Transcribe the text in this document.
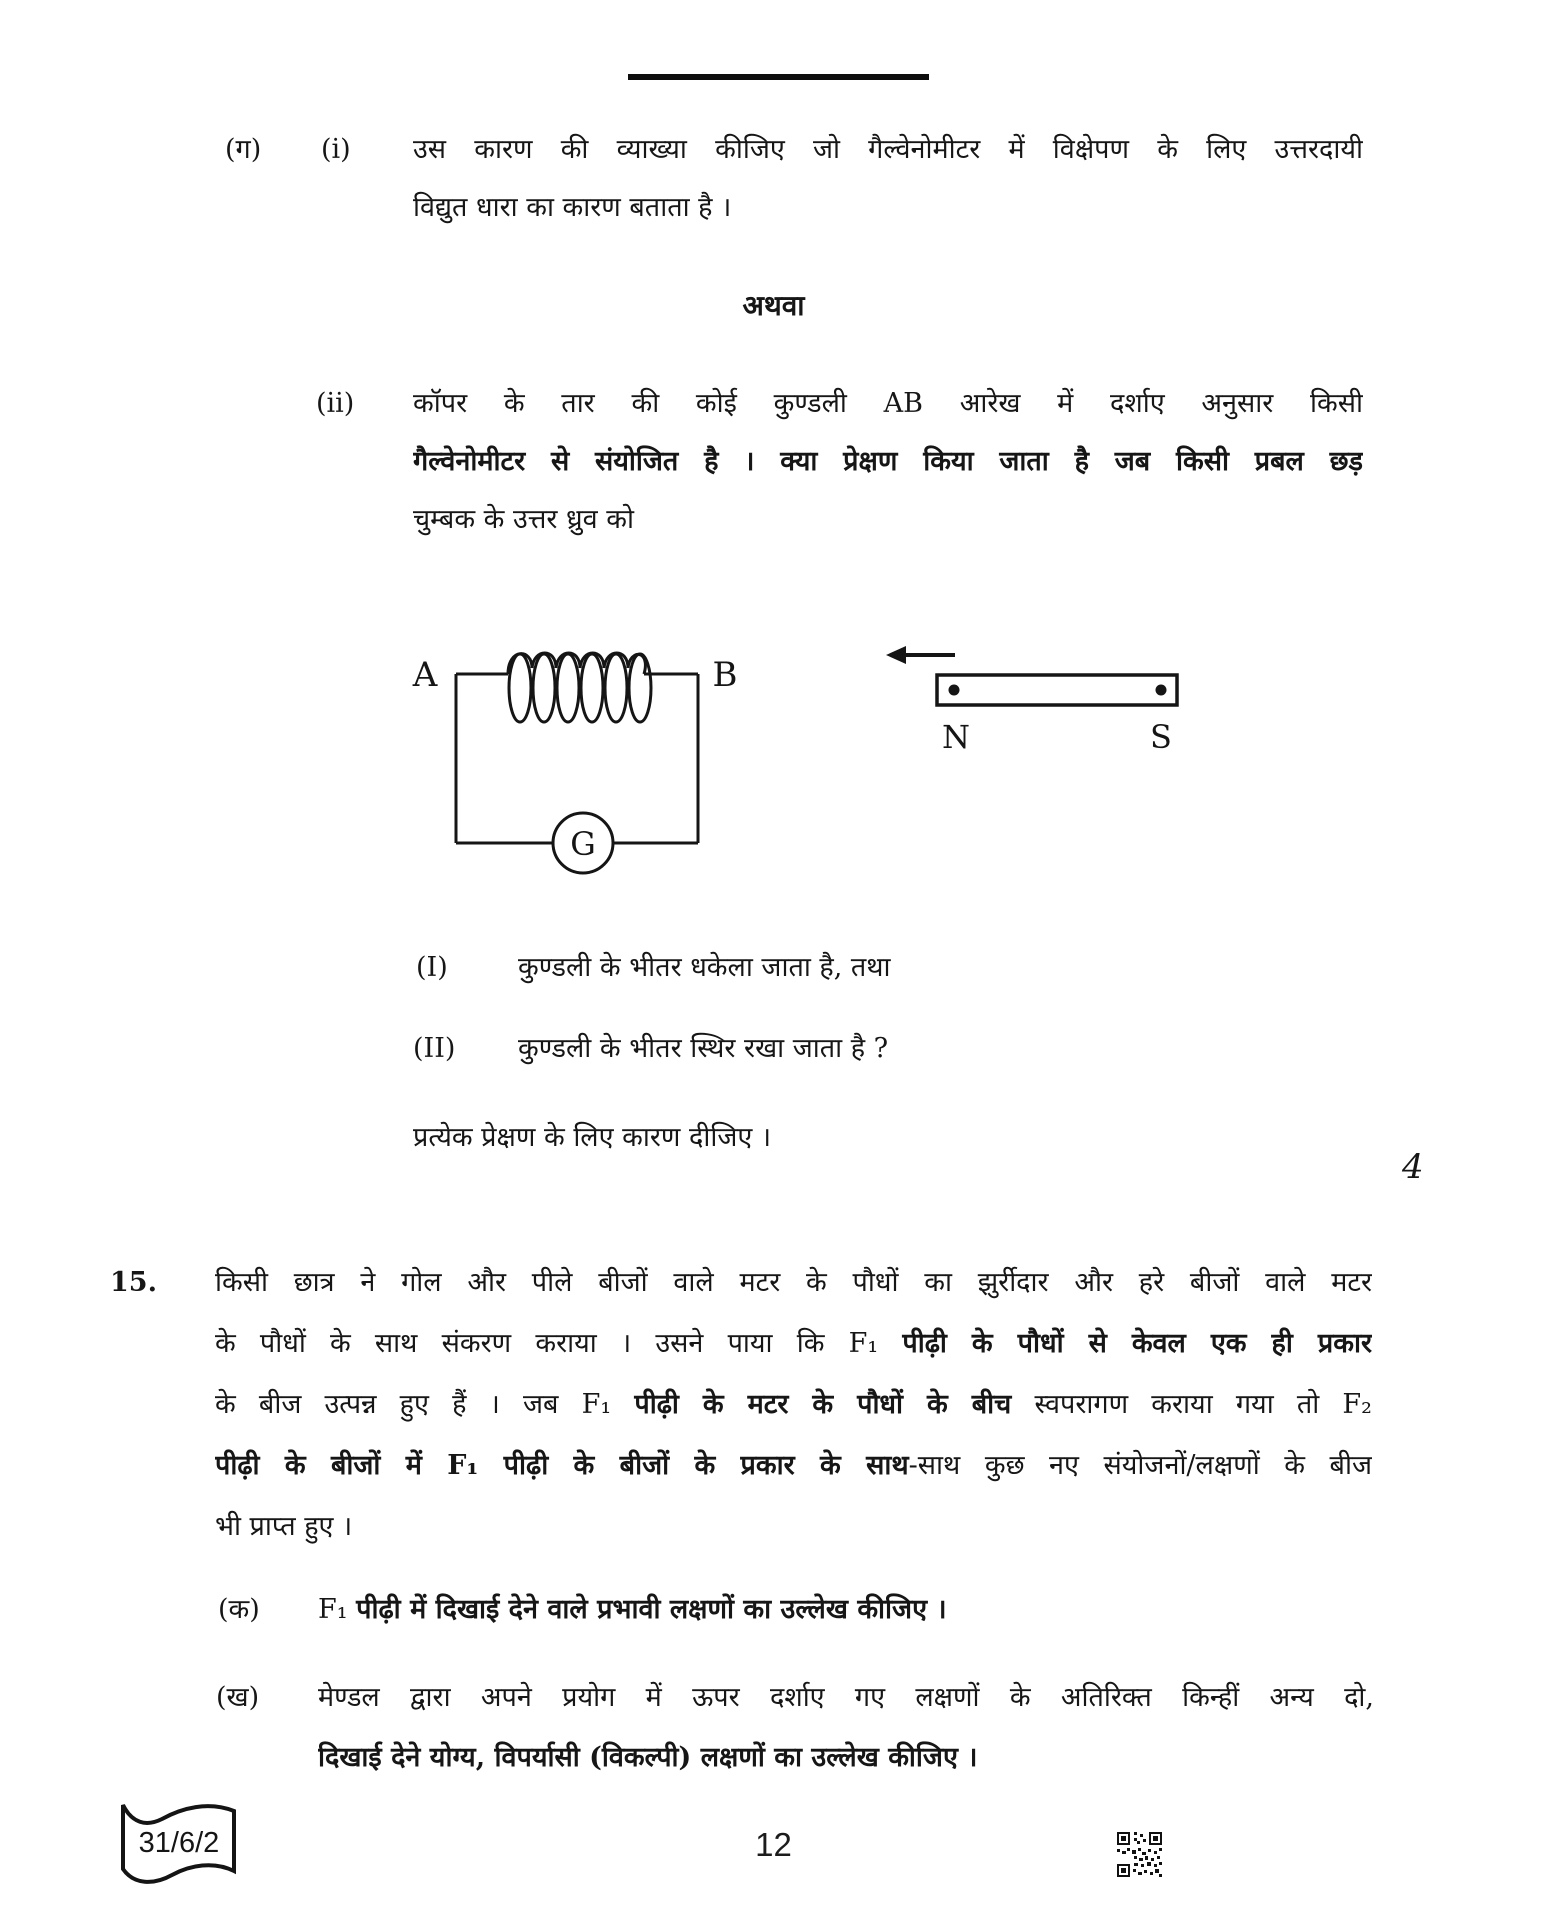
(ग) (i) उस कारण की व्याख्या कीजिए जो गैल्वेनोमीटर में विक्षेपण के लिए उत्तरदायी
विद्युत धारा का कारण बताता है ।
अथवा
(ii) कॉपर के तार की कोई कुण्डली AB आरेख में दर्शाए अनुसार किसी
गैल्वेनोमीटर से संयोजित है । क्या प्रेक्षण किया जाता है जब किसी प्रबल छड़
चुम्बक के उत्तर ध्रुव को
A	B
G
N	S
(I)	कुण्डली के भीतर धकेला जाता है, तथा
(II) कुण्डली के भीतर स्थिर रखा जाता है ?
प्रत्येक प्रेक्षण के लिए कारण दीजिए ।
4
15. किसी छात्र ने गोल और पीले बीजों वाले मटर के पौधों का झुर्रीदार और हरे बीजों वाले मटर
के पौधों के साथ संकरण कराया । उसने पाया कि F₁ पीढ़ी के पौधों से केवल एक ही प्रकार
के बीज उत्पन्न हुए हैं । जब F₁ पीढ़ी के मटर के पौधों के बीच स्वपरागण कराया गया तो F₂
पीढ़ी के बीजों में F₁ पीढ़ी के बीजों के प्रकार के साथ-साथ कुछ नए संयोजनों/लक्षणों के बीज
भी प्राप्त हुए ।
(क) F₁ पीढ़ी में दिखाई देने वाले प्रभावी लक्षणों का उल्लेख कीजिए ।
(ख) मेण्डल द्वारा अपने प्रयोग में ऊपर दर्शाए गए लक्षणों के अतिरिक्त किन्हीं अन्य दो,
दिखाई देने योग्य, विपर्यासी (विकल्पी) लक्षणों का उल्लेख कीजिए ।
31/6/2	12
